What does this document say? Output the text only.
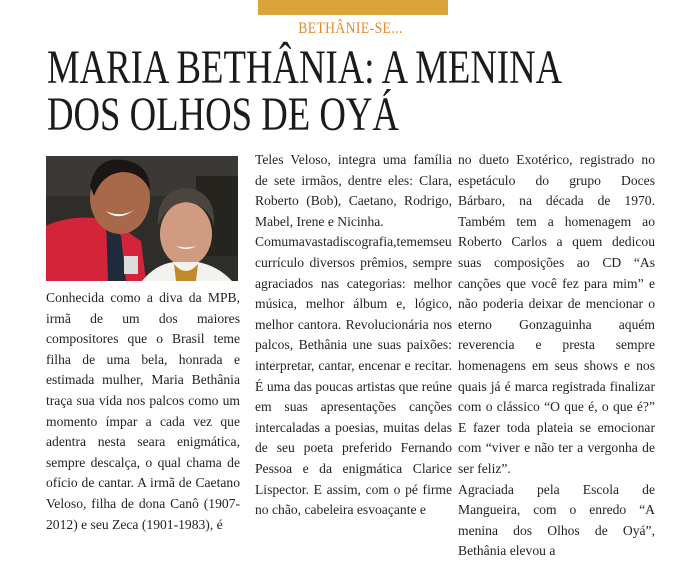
BETHÂNIE-SE...
MARIA BETHÂNIA: A MENINA
DOS OLHOS DE OYÁ

Conhecida como a diva da MPB, irmã de um dos maiores compositores que o Brasil teme filha de uma bela, honrada e estimada mulher, Maria Bethânia traça sua vida nos palcos como um momento ímpar a cada vez que adentra nesta seara enigmática, sempre descalça, o qual chama de ofício de cantar. A irmã de Caetano Veloso, filha de dona Canô (1907-2012) e seu Zeca (1901-1983), é

Teles Veloso, integra uma família de sete irmãos, dentre eles: Clara, Roberto (Bob), Caetano, Rodrigo, Mabel, Irene e Nicinha.

Comumavastadiscografia,tememseu currículo diversos prêmios, sempre agraciados nas categorias: melhor música, melhor álbum e, lógico, melhor cantora. Revolucionária nos palcos, Bethânia une suas paixões: interpretar, cantar, encenar e recitar. É uma das poucas artistas que reúne em suas apresentações canções intercaladas a poesias, muitas delas de seu poeta preferido Fernando Pessoa e da enigmática Clarice Lispector. E assim, com o pé firme no chão, cabeleira esvoaçante e

no dueto Exotérico, registrado no espetáculo do grupo Doces Bárbaro, na década de 1970. Também tem a homenagem ao Roberto Carlos a quem dedicou suas composições ao CD “As canções que você fez para mim” e não poderia deixar de mencionar o eterno Gonzaguinha aquém reverencia e presta sempre homenagens em seus shows e nos quais já é marca registrada finalizar com o clássico “O que é, o que é?” E fazer toda plateia se emocionar com “viver e não ter a vergonha de ser feliz”.

Agraciada pela Escola de Mangueira, com o enredo “A menina dos Olhos de Oyá”, Bethânia elevou a
